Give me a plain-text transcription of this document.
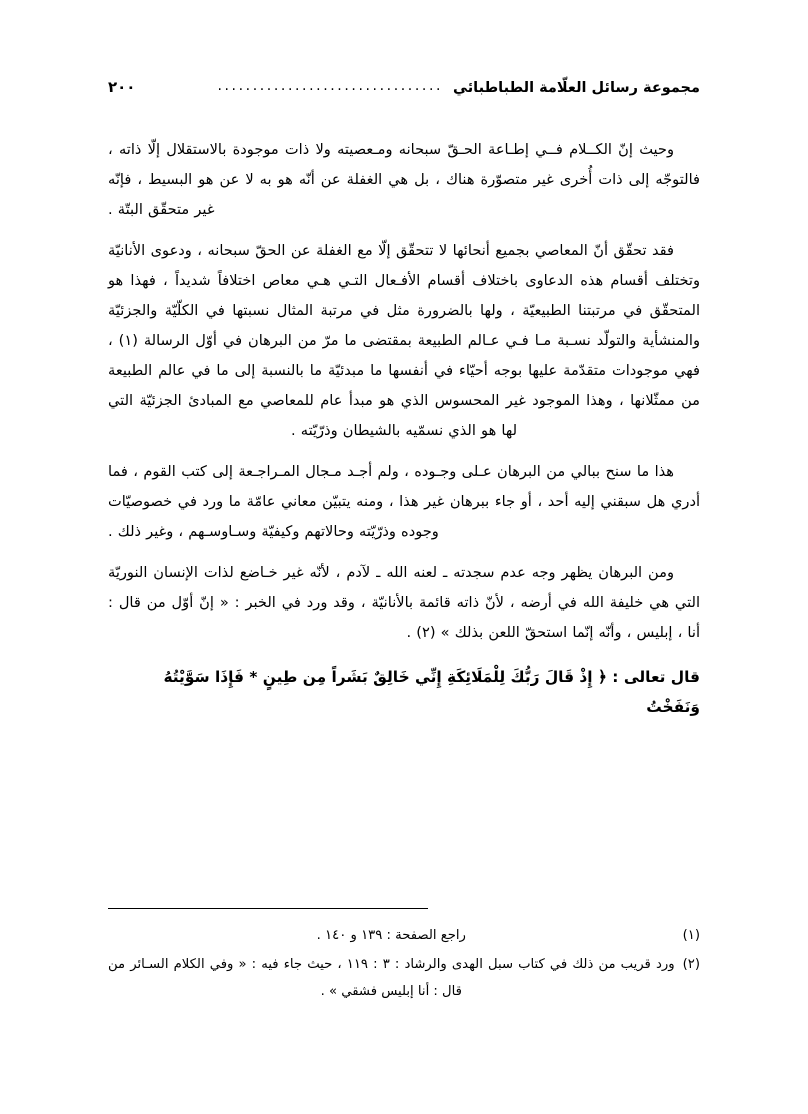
مجموعة رسائل العلّامة الطباطبائي
................................
٢٠٠

وحيث إنّ الكــلام فــي إطـاعة الحـقّ سبحانه ومـعصيته ولا ذات موجودة بالاستقلال إلّا ذاته ، فالتوجّه إلى ذات أُخرى غير متصوّرة هناك ، بل هي الغفلة عن أنّه هو به لا عن هو البسيط ، فإنّه غير متحقّق البتّة .

فقد تحقّق أنّ المعاصي بجميع أنحائها لا تتحقّق إلّا مع الغفلة عن الحقّ سبحانه ، ودعوى الأنانيّة وتختلف أقسام هذه الدعاوى باختلاف أقسام الأفـعال التـي هـي معاص اختلافاً شديداً ، فهذا هو المتحقّق في مرتبتنا الطبيعيّة ، ولها بالضرورة مثل في مرتبة المثال نسبتها في الكلّيّة والجزئيّة والمنشأية والتولّد نسـبة مـا فـي عـالم الطبيعة بمقتضى ما مرّ من البرهان في أوّل الرسالة (١) ، فهي موجودات متقدّمة عليها بوجه أحيّاء في أنفسها ما مبدئيّة ما بالنسبة إلى ما في عالم الطبيعة من ممثّلانها ، وهذا الموجود غير المحسوس الذي هو مبدأ عام للمعاصي مع المبادئ الجزئيّة التي لها هو الذي نسمّيه بالشيطان وذرّيّته .

هذا ما سنح ببالي من البرهان عـلى وجـوده ، ولم أجـد مـجال المـراجـعة إلى كتب القوم ، فما أدري هل سبقني إليه أحد ، أو جاء ببرهان غير هذا ، ومنه يتبيّن معاني عامّة ما ورد في خصوصيّات وجوده وذرّيّته وحالاتهم وكيفيّة وسـاوسـهم ، وغير ذلك .

ومن البرهان يظهر وجه عدم سجدته ـ لعنه الله ـ لآدم ، لأنّه غير خـاضع لذات الإنسان النوريّة التي هي خليفة الله في أرضه ، لأنّ ذاته قائمة بالأنانيّة ، وقد ورد في الخبر : « إنّ أوّل من قال : أنا ، إبليس ، وأنّه إنّما استحقّ اللعن بذلك » (٢) .

قال تعالى : ﴿ إِذْ قَالَ رَبُّكَ لِلْمَلَائِكَةِ إِنِّي خَالِقٌ بَشَراً مِن طِينٍ * فَإِذَا سَوَّيْتُهُ وَنَفَخْتُ

(١)
راجع الصفحة : ١٣٩ و ١٤٠ .
(٢)
ورد قريب من ذلك في كتاب سبل الهدى والرشاد : ٣ : ١١٩ ، حيث جاء فيه : « وفي الكلام السـائر من قال : أنا إبليس فشقي » .
